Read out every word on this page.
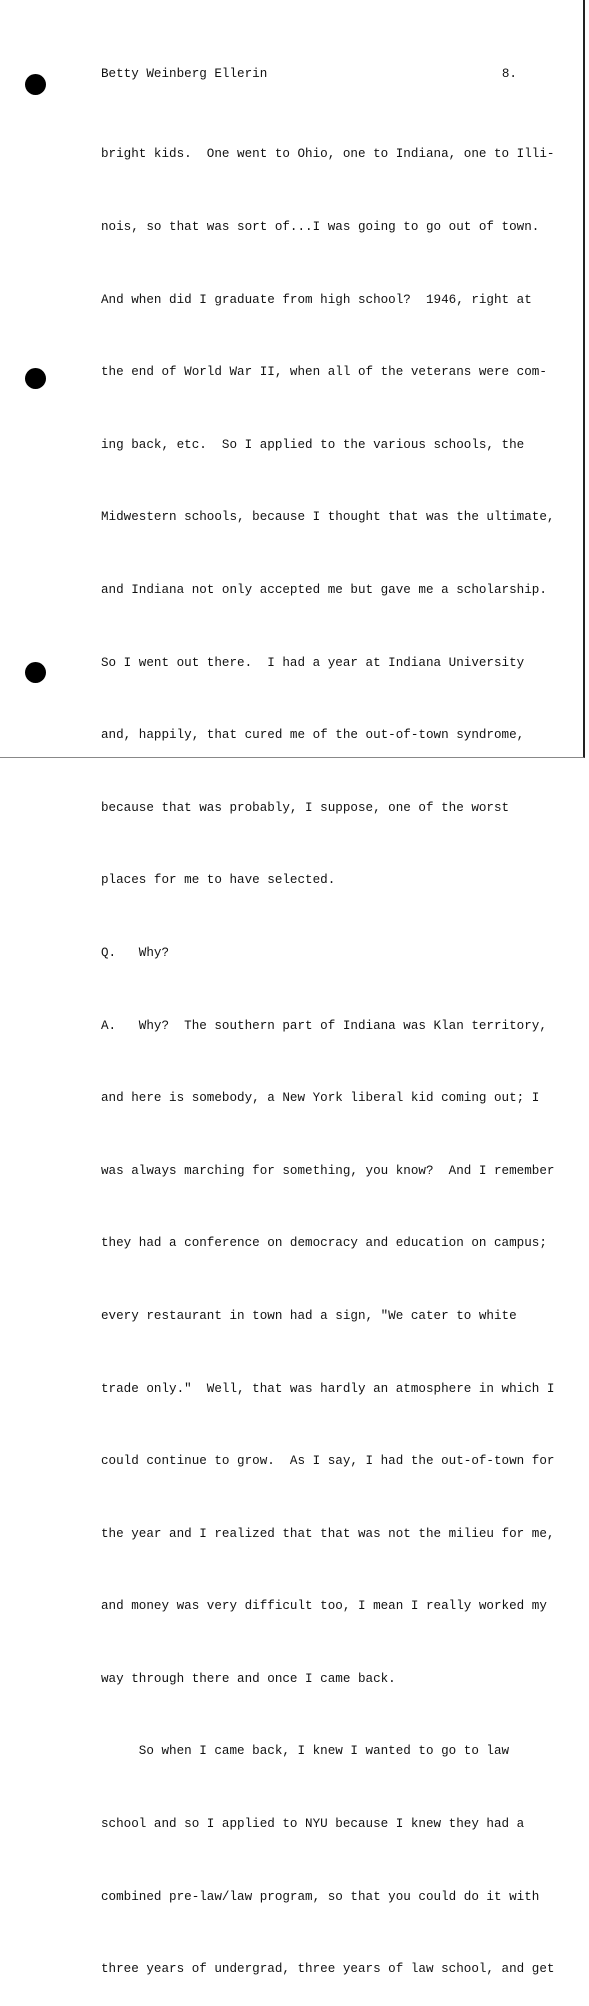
Betty Weinberg Ellerin	8.

bright kids.  One went to Ohio, one to Indiana, one to Illi-

nois, so that was sort of...I was going to go out of town.

And when did I graduate from high school?  1946, right at

the end of World War II, when all of the veterans were com-

ing back, etc.  So I applied to the various schools, the

Midwestern schools, because I thought that was the ultimate,

and Indiana not only accepted me but gave me a scholarship.

So I went out there.  I had a year at Indiana University

and, happily, that cured me of the out-of-town syndrome,

because that was probably, I suppose, one of the worst

places for me to have selected.

Q.   Why?

A.   Why?  The southern part of Indiana was Klan territory,

and here is somebody, a New York liberal kid coming out; I

was always marching for something, you know?  And I remember

they had a conference on democracy and education on campus;

every restaurant in town had a sign, "We cater to white

trade only."  Well, that was hardly an atmosphere in which I

could continue to grow.  As I say, I had the out-of-town for

the year and I realized that that was not the milieu for me,

and money was very difficult too, I mean I really worked my

way through there and once I came back.

So when I came back, I knew I wanted to go to law

school and so I applied to NYU because I knew they had a

combined pre-law/law program, so that you could do it with

three years of undergrad, three years of law school, and get
